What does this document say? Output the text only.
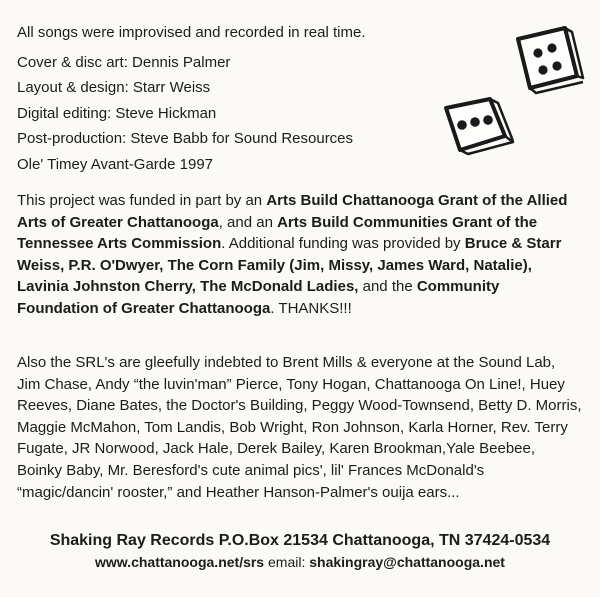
All songs were improvised and recorded in real time.
Cover & disc art: Dennis Palmer
Layout & design: Starr Weiss
Digital editing: Steve Hickman
Post-production: Steve Babb for Sound Resources
Ole' Timey Avant-Garde 1997
This project was funded in part by an Arts Build Chattanooga Grant of the Allied Arts of Greater Chattanooga, and an Arts Build Communities Grant of the Tennessee Arts Commission. Additional funding was provided by Bruce & Starr Weiss, P.R. O'Dwyer, The Corn Family (Jim, Missy, James Ward, Natalie), Lavinia Johnston Cherry, The McDonald Ladies, and the Community Foundation of Greater Chattanooga. THANKS!!!
Also the SRL's are gleefully indebted to Brent Mills & everyone at the Sound Lab, Jim Chase, Andy “the luvin'man” Pierce, Tony Hogan, Chattanooga On Line!, Huey Reeves, Diane Bates, the Doctor's Building, Peggy Wood-Townsend, Betty D. Morris, Maggie McMahon, Tom Landis, Bob Wright, Ron Johnson, Karla Horner, Rev. Terry Fugate, JR Norwood, Jack Hale, Derek Bailey, Karen Brookman,Yale Beebee, Boinky Baby, Mr. Beresford's cute animal pics', lil' Frances McDonald's “magic/dancin' rooster,” and Heather Hanson-Palmer's ouija ears...
Shaking Ray Records P.O.Box 21534 Chattanooga, TN 37424-0534
www.chattanooga.net/srs email: shakingray@chattanooga.net
